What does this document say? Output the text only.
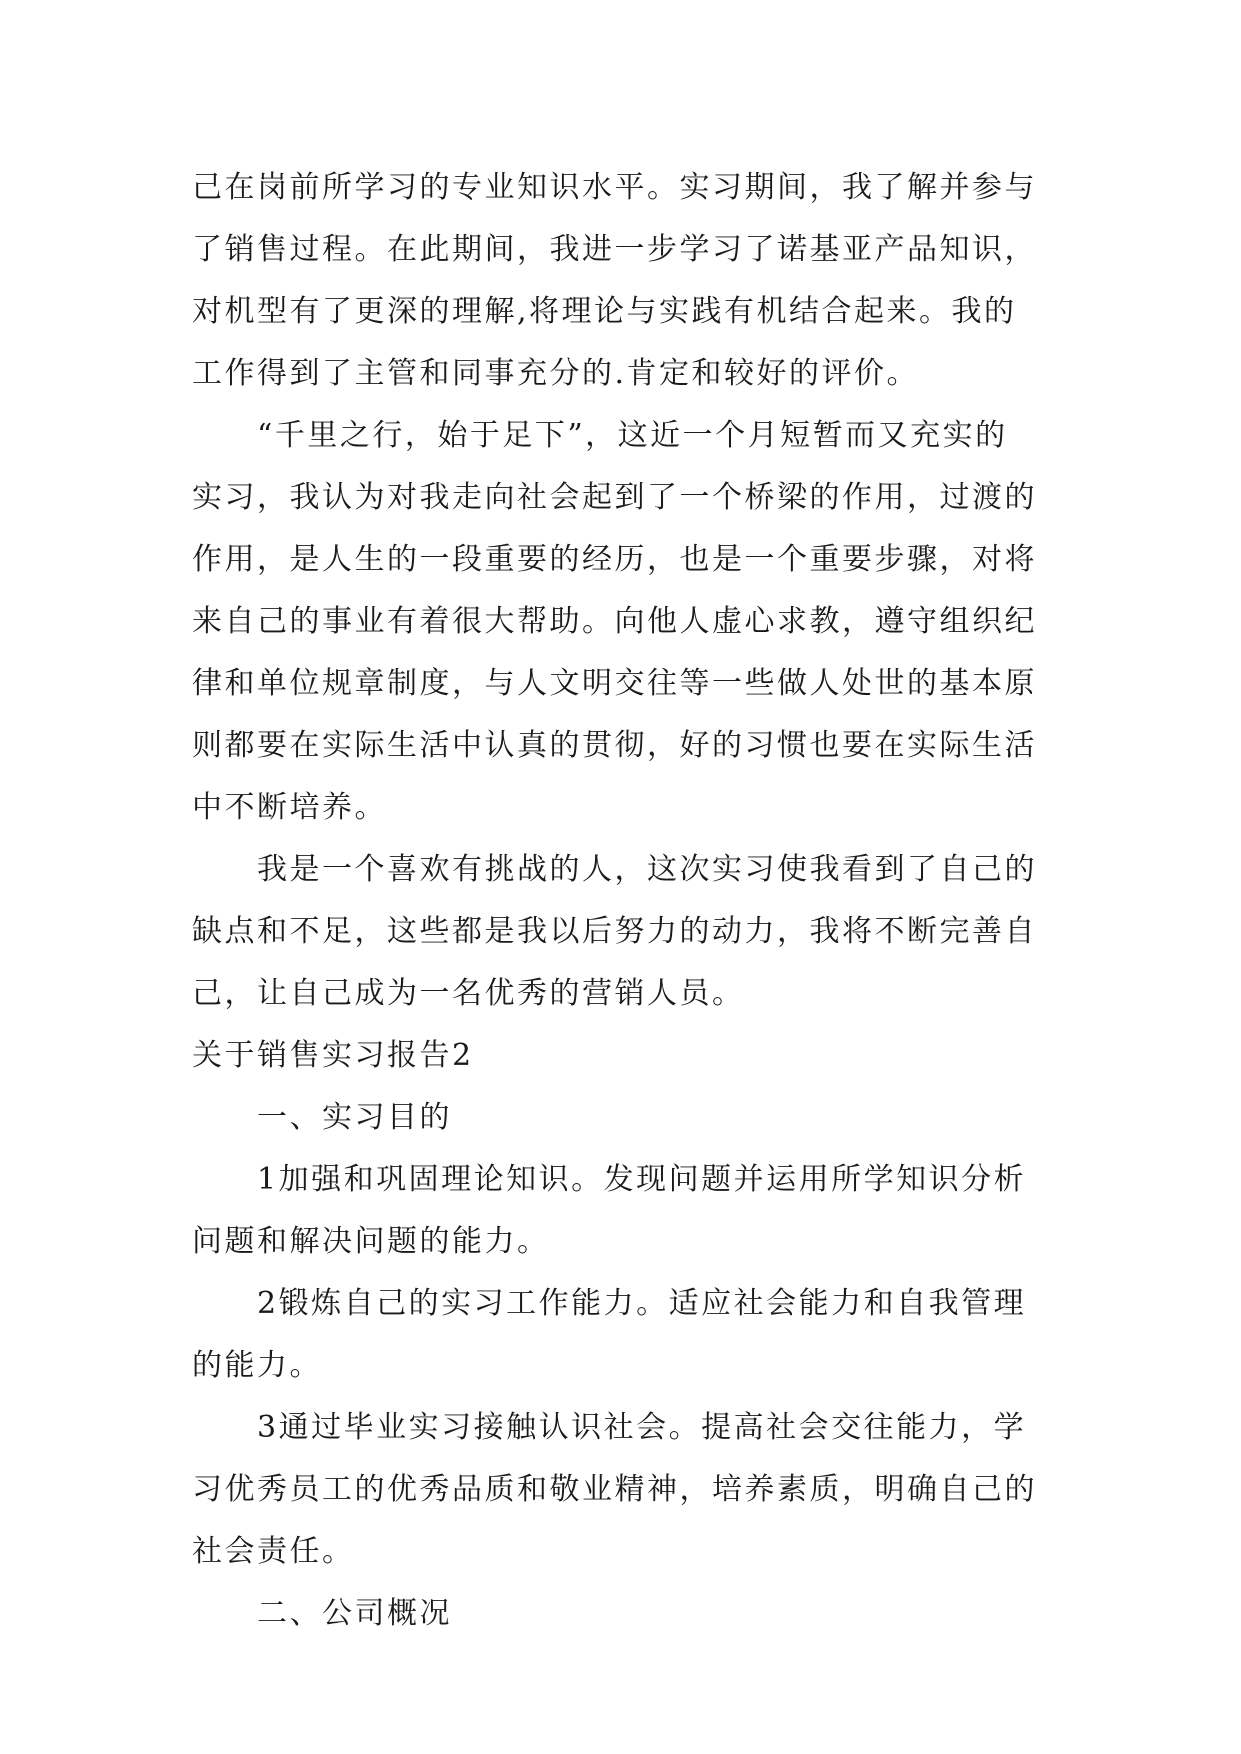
己在岗前所学习的专业知识水平。实习期间，我了解并参与
了销售过程。在此期间，我进一步学习了诺基亚产品知识，
对机型有了更深的理解,将理论与实践有机结合起来。我的
工作得到了主管和同事充分的.肯定和较好的评价。
“千里之行，始于足下”，这近一个月短暂而又充实的
实习，我认为对我走向社会起到了一个桥梁的作用，过渡的
作用，是人生的一段重要的经历，也是一个重要步骤，对将
来自己的事业有着很大帮助。向他人虚心求教，遵守组织纪
律和单位规章制度，与人文明交往等一些做人处世的基本原
则都要在实际生活中认真的贯彻，好的习惯也要在实际生活
中不断培养。
我是一个喜欢有挑战的人，这次实习使我看到了自己的
缺点和不足，这些都是我以后努力的动力，我将不断完善自
己，让自己成为一名优秀的营销人员。
关于销售实习报告2
一、实习目的
1加强和巩固理论知识。发现问题并运用所学知识分析
问题和解决问题的能力。
2锻炼自己的实习工作能力。适应社会能力和自我管理
的能力。
3通过毕业实习接触认识社会。提高社会交往能力，学
习优秀员工的优秀品质和敬业精神，培养素质，明确自己的
社会责任。
二、公司概况
